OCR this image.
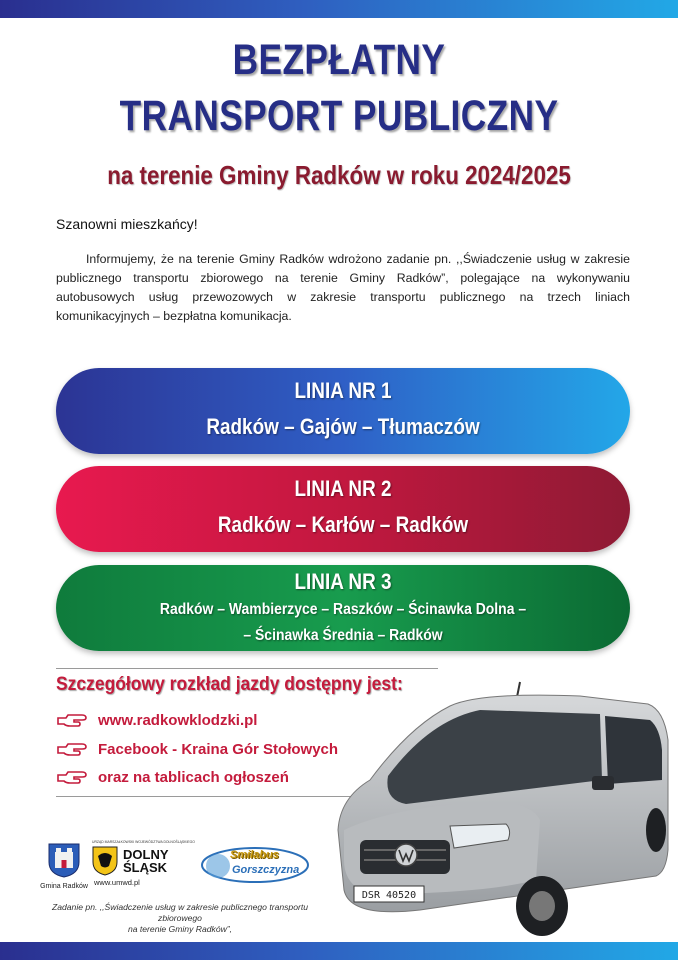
BEZPŁATNY
TRANSPORT PUBLICZNY
na terenie Gminy Radków w roku 2024/2025
Szanowni mieszkańcy!
Informujemy, że na terenie Gminy Radków wdrożono zadanie pn. ,,Świadczenie usług w zakresie publicznego transportu zbiorowego na terenie Gminy Radków”, polegające na wykonywaniu autobusowych usług przewozowych w zakresie transportu publicznego na trzech liniach komunikacyjnych – bezpłatna komunikacja.
LINIA NR 1
Radków – Gajów – Tłumaczów
LINIA NR 2
Radków – Karłów – Radków
LINIA NR 3
Radków – Wambierzyce – Raszków – Ścinawka Dolna –
– Ścinawka Średnia – Radków
Szczegółowy rozkład jazdy dostępny jest:
www.radkowklodzki.pl
Facebook - Kraina Gór Stołowych
oraz na tablicach ogłoszeń
DSR 40520
Gmina Radków
URZĄD MARSZAŁKOWSKI WOJEWÓDZTWA DOLNOŚLĄSKIEGO
DOLNY
ŚLĄSK
www.umwd.pl
Smilabus
Gorszczyzna
Zadanie pn. ,,Świadczenie usług w zakresie publicznego transportu zbiorowego
na terenie Gminy Radków”,
